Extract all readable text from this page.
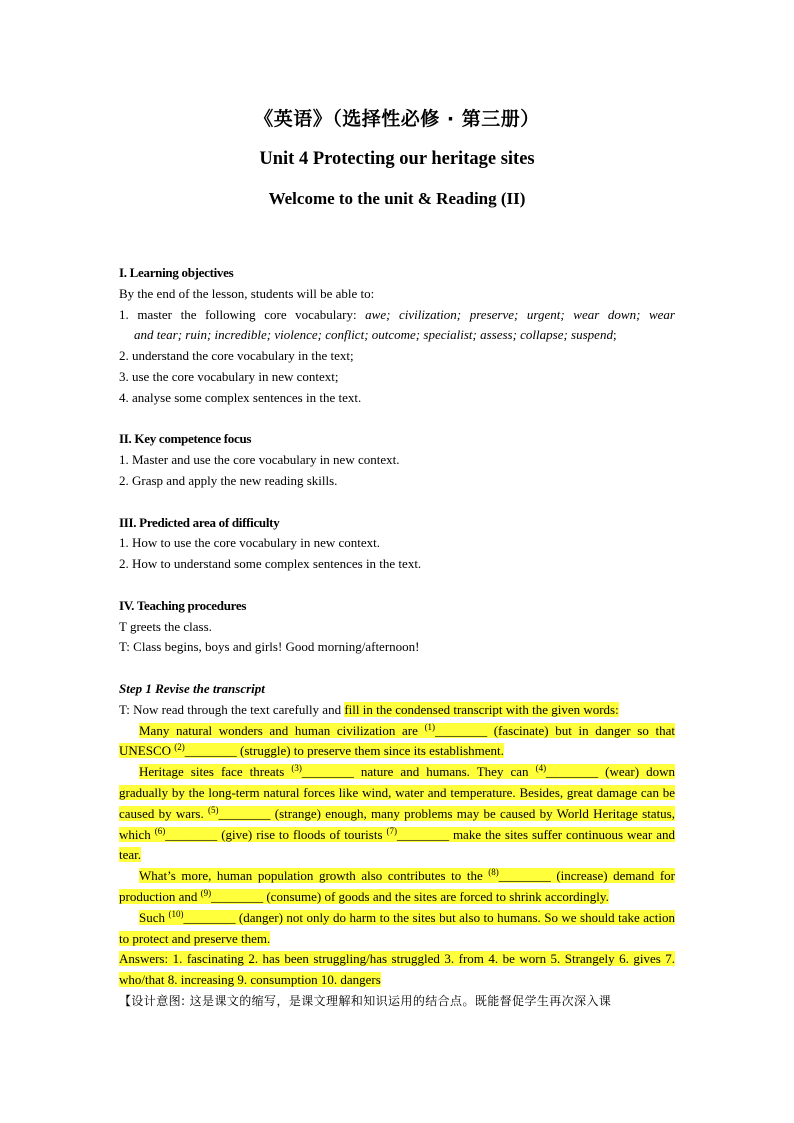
《英语》（选择性必修 · 第三册）
Unit 4 Protecting our heritage sites
Welcome to the unit & Reading (II)

I. Learning objectives

By the end of the lesson, students will be able to:

1. master the following core vocabulary: awe; civilization; preserve; urgent; wear down; wear

and tear; ruin; incredible; violence; conflict; outcome; specialist; assess; collapse; suspend;

2. understand the core vocabulary in the text;

3. use the core vocabulary in new context;

4. analyse some complex sentences in the text.

II. Key competence focus

1. Master and use the core vocabulary in new context.

2. Grasp and apply the new reading skills.

III. Predicted area of difficulty

1. How to use the core vocabulary in new context.

2. How to understand some complex sentences in the text.

IV. Teaching procedures

T greets the class.

T: Class begins, boys and girls! Good morning/afternoon!

Step 1 Revise the transcript

T: Now read through the text carefully and fill in the condensed transcript with the given words:

Many natural wonders and human civilization are $^{(1)}$________ (fascinate) but in danger so that UNESCO $^{(2)}$________ (struggle) to preserve them since its establishment.

Heritage sites face threats $^{(3)}$________ nature and humans. They can $^{(4)}$________ (wear) down gradually by the long-term natural forces like wind, water and temperature. Besides, great damage can be caused by wars. $^{(5)}$________ (strange) enough, many problems may be caused by World Heritage status, which $^{(6)}$________ (give) rise to floods of tourists $^{(7)}$________ make the sites suffer continuous wear and tear.

What’s more, human population growth also contributes to the $^{(8)}$________ (increase) demand for production and $^{(9)}$________ (consume) of goods and the sites are forced to shrink accordingly.

Such $^{(10)}$________ (danger) not only do harm to the sites but also to humans. So we should take action to protect and preserve them.

Answers: 1. fascinating 2. has been struggling/has struggled 3. from 4. be worn 5. Strangely 6. gives 7. who/that 8. increasing 9. consumption 10. dangers

【设计意图: 这是课文的缩写，是课文理解和知识运用的结合点。既能督促学生再次深入课
